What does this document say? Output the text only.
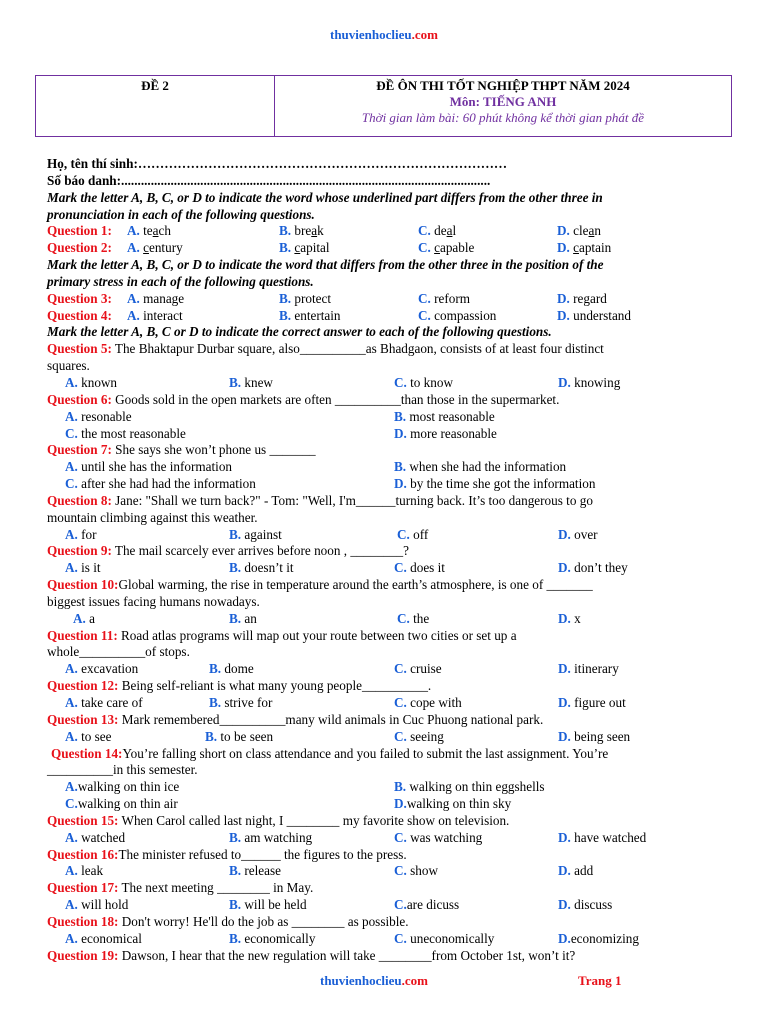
thuvienhoclieu.com
ĐỀ 2	ĐỀ ÔN THI TỐT NGHIỆP THPT NĂM 2024
Môn: TIẾNG ANH
Thời gian làm bài: 60 phút không kể thời gian phát đề
Họ, tên thí sinh:…………………………………………………………………………
Số báo danh:................................................................................................................
Mark the letter A, B, C, or D to indicate the word whose underlined part differs from the other three in
pronunciation in each of the following questions.
Question 1: A. teach	B. break	C. deal	D. clean
Question 2: A. century	B. capital	C. capable	D. captain
Mark the letter A, B, C, or D to indicate the word that differs from the other three in the position of the
primary stress in each of the following questions.
Question 3: A. manage	B. protect	C. reform	D. regard
Question 4: A. interact	B. entertain	C. compassion	D. understand
Mark the letter A, B, C or D to indicate the correct answer to each of the following questions.
Question 5: The Bhaktapur Durbar square, also__________as Bhadgaon, consists of at least four distinct
squares.
A. known	B. knew	C. to know	D. knowing
Question 6: Goods sold in the open markets are often __________than those in the supermarket.
A. resonable	B. most reasonable
C. the most reasonable	D. more reasonable
Question 7: She says she won’t phone us _______
A. until she has the information	B. when she had the information
C. after she had had the information	D. by the time she got the information
Question 8: Jane: "Shall we turn back?" - Tom: "Well, I'm______turning back. It’s too dangerous to go
mountain climbing against this weather.
A. for	B. against	C. off	D. over
Question 9: The mail scarcely ever arrives before noon , ________?
A. is it	B. doesn’t it	C. does it	D. don’t they
Question 10:Global warming, the rise in temperature around the earth’s atmosphere, is one of _______
biggest issues facing humans nowadays.
A. a	B. an	C. the	D. x
Question 11: Road atlas programs will map out your route between two cities or set up a
whole__________of stops.
A. excavation	B. dome	C. cruise	D. itinerary
Question 12: Being self-reliant is what many young people__________.
A. take care of	B. strive for	C. cope with	D. figure out
Question 13: Mark remembered__________many wild animals in Cuc Phuong national park.
A. to see	B. to be seen	C. seeing	D. being seen
Question 14:You’re falling short on class attendance and you failed to submit the last assignment. You’re
__________in this semester.
A.walking on thin ice	B. walking on thin eggshells
C.walking on thin air	D.walking on thin sky
Question 15: When Carol called last night, I ________ my favorite show on television.
A. watched	B. am watching	C. was watching	D. have watched
Question 16:The minister refused to______ the figures to the press.
A. leak	B. release	C. show	D. add
Question 17: The next meeting ________ in May.
A. will hold	B. will be held	C.are dicuss	D. discuss
Question 18: Don't worry! He'll do the job as ________ as possible.
A. economical	B. economically	C. uneconomically	D.economizing
Question 19: Dawson, I hear that the new regulation will take ________from October 1st, won’t it?
thuvienhoclieu.com	Trang 1
